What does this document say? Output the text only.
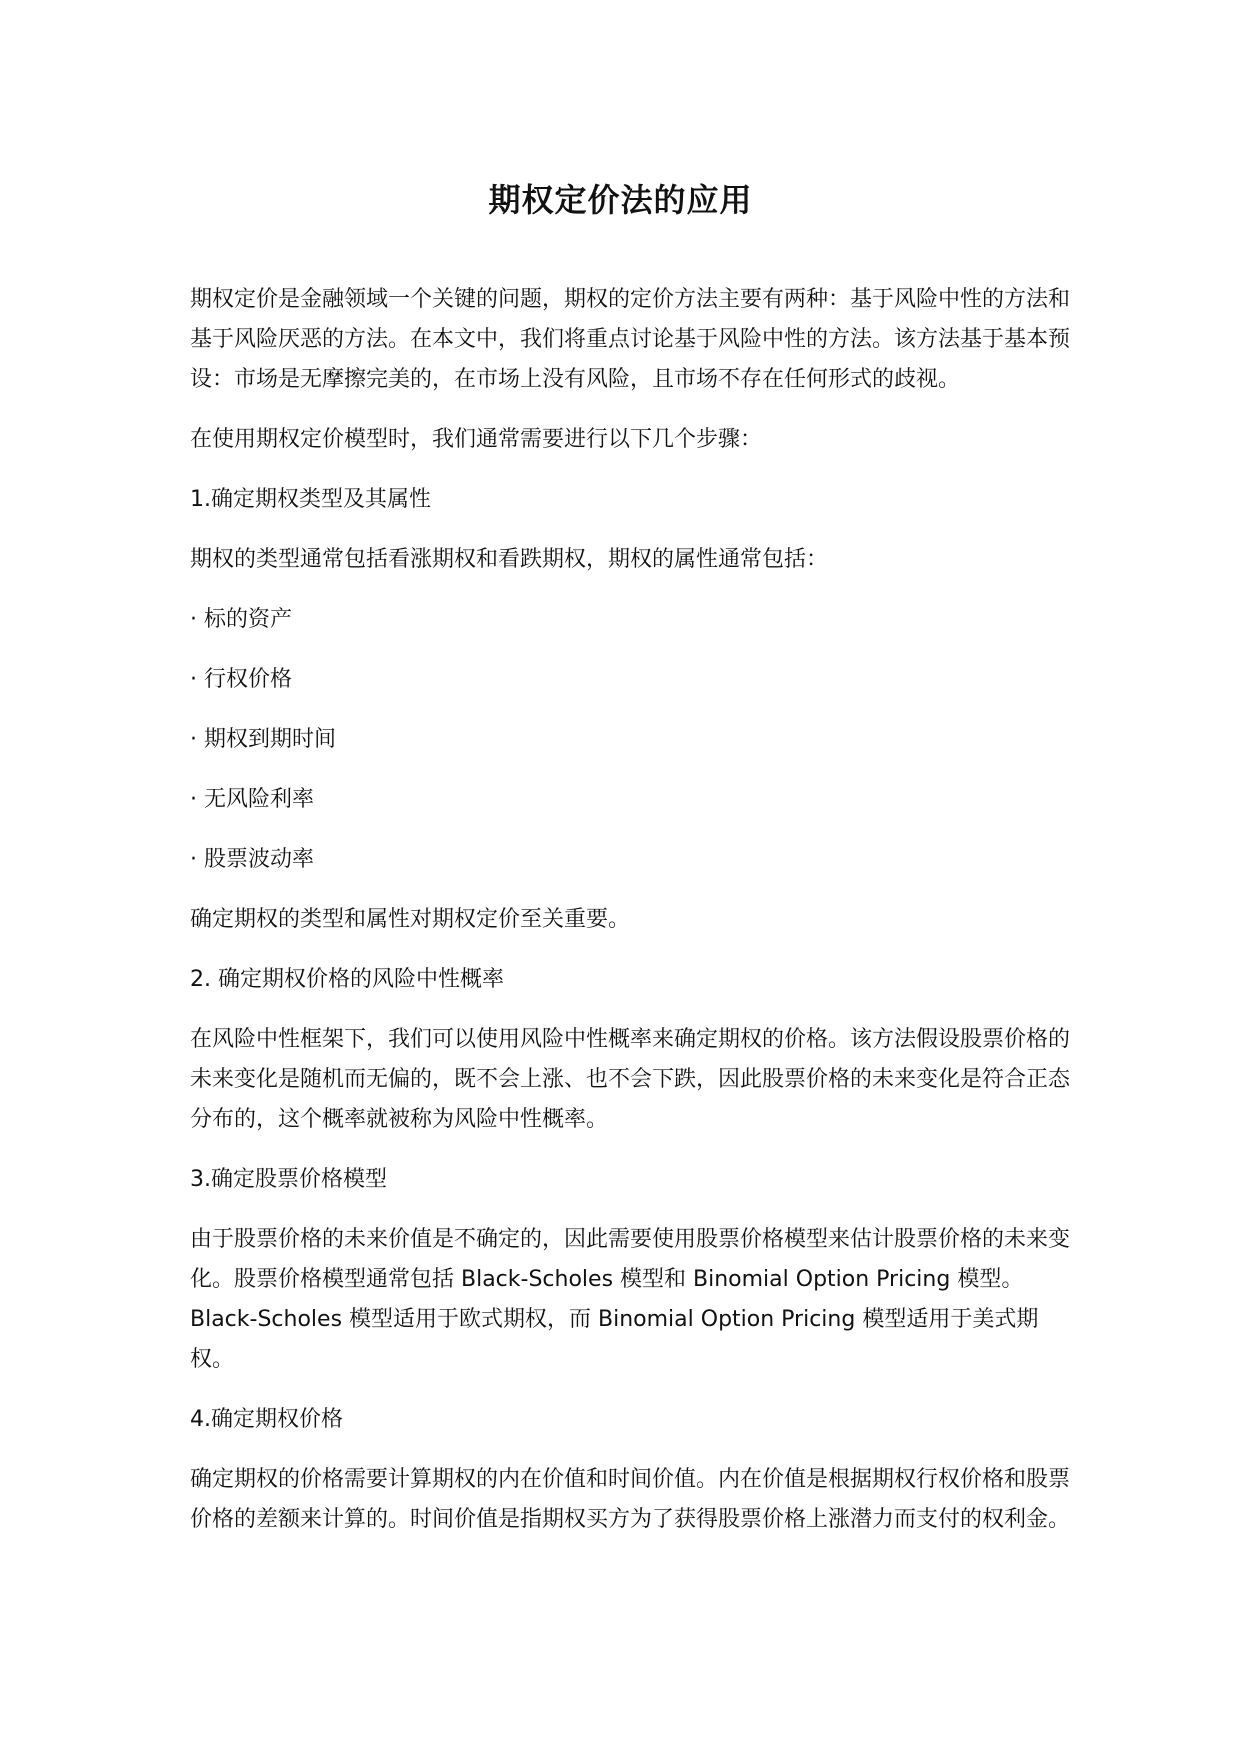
期权定价法的应用

期权定价是金融领域一个关键的问题，期权的定价方法主要有两种：基于风险中性的方法和基于风险厌恶的方法。在本文中，我们将重点讨论基于风险中性的方法。该方法基于基本预设：市场是无摩擦完美的，在市场上没有风险，且市场不存在任何形式的歧视。

在使用期权定价模型时，我们通常需要进行以下几个步骤：

1.确定期权类型及其属性

期权的类型通常包括看涨期权和看跌期权，期权的属性通常包括：

· 标的资产

· 行权价格

· 期权到期时间

· 无风险利率

· 股票波动率

确定期权的类型和属性对期权定价至关重要。

2. 确定期权价格的风险中性概率

在风险中性框架下，我们可以使用风险中性概率来确定期权的价格。该方法假设股票价格的未来变化是随机而无偏的，既不会上涨、也不会下跌，因此股票价格的未来变化是符合正态分布的，这个概率就被称为风险中性概率。

3.确定股票价格模型

由于股票价格的未来价值是不确定的，因此需要使用股票价格模型来估计股票价格的未来变化。股票价格模型通常包括 Black-Scholes 模型和 Binomial Option Pricing 模型。Black-Scholes 模型适用于欧式期权，而 Binomial Option Pricing 模型适用于美式期权。

4.确定期权价格

确定期权的价格需要计算期权的内在价值和时间价值。内在价值是根据期权行权价格和股票价格的差额来计算的。时间价值是指期权买方为了获得股票价格上涨潜力而支付的权利金。
